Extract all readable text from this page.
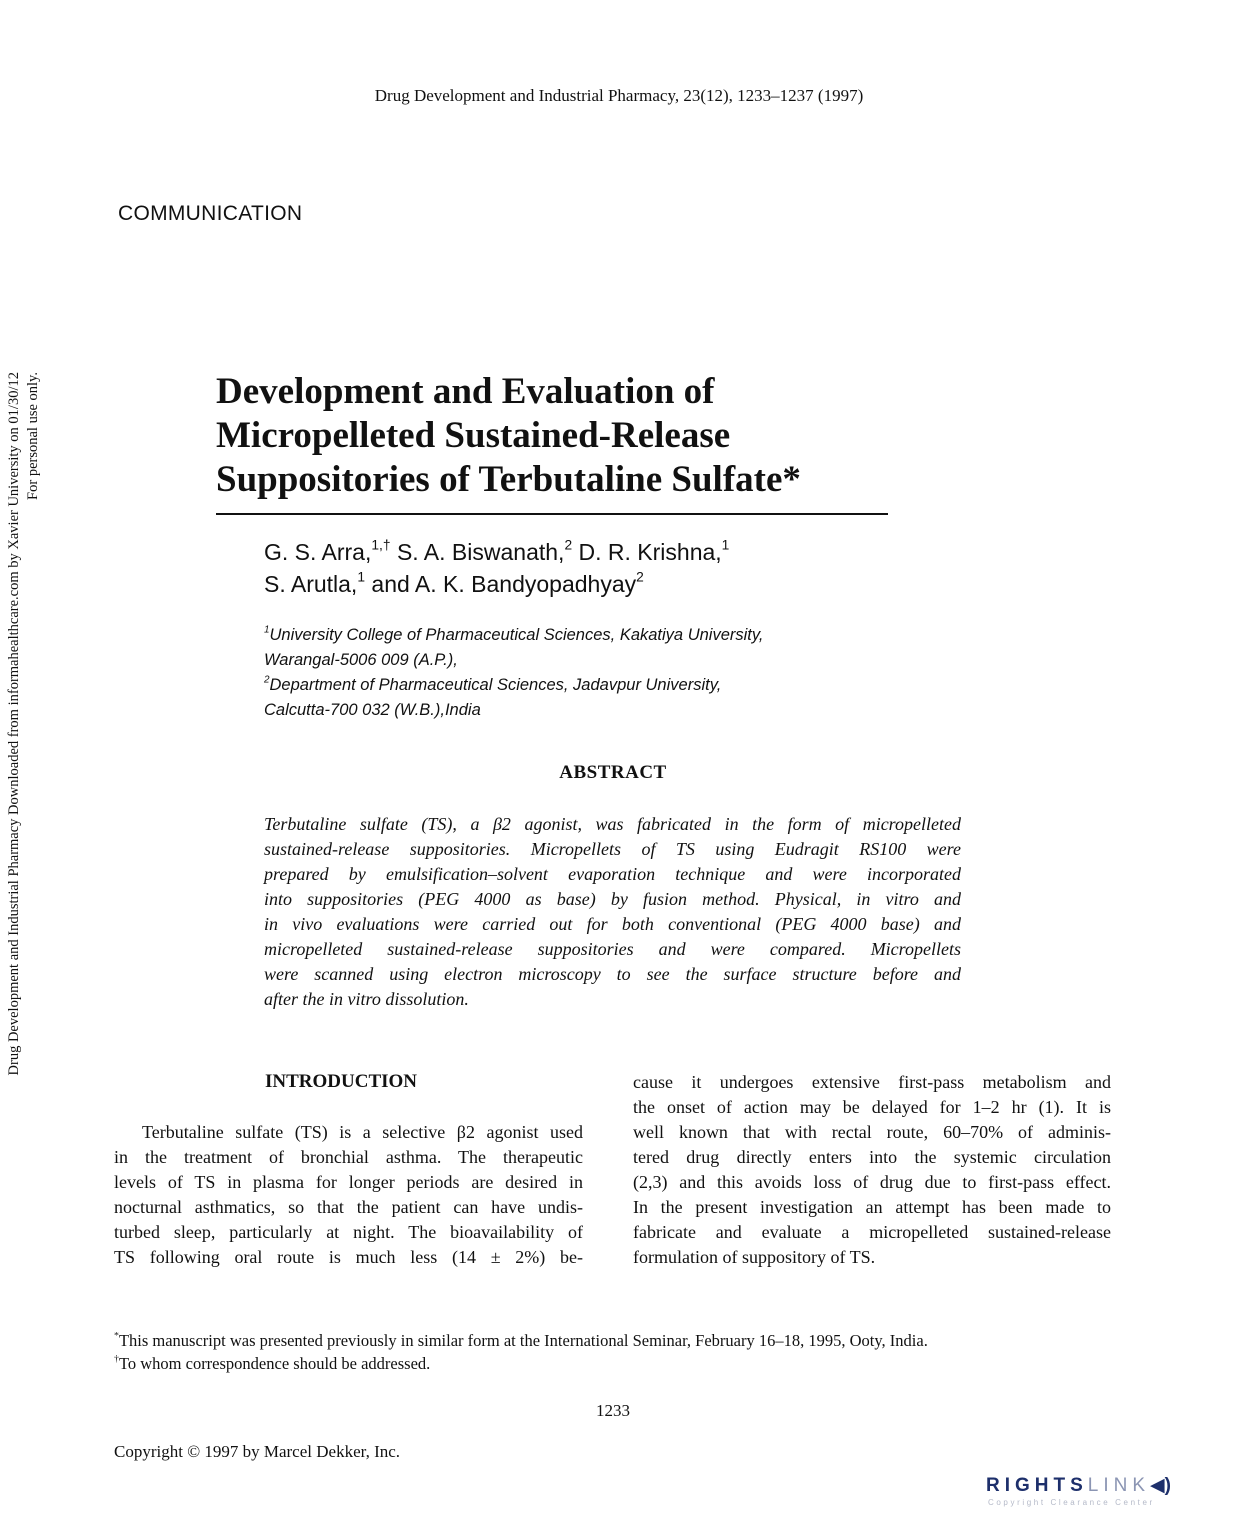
Drug Development and Industrial Pharmacy, 23(12), 1233–1237 (1997)
COMMUNICATION
Drug Development and Industrial Pharmacy Downloaded from informahealthcare.com by Xavier University on 01/30/12 For personal use only.	Development and Evaluation of
Micropelleted Sustained-Release
Suppositories of Terbutaline Sulfate*
G. S. Arra,$^{1,\dagger}$ S. A. Biswanath,$^2$ D. R. Krishna,$^1$
S. Arutla,$^1$ and A. K. Bandyopadhyay$^2$
$^1$University College of Pharmaceutical Sciences, Kakatiya University,
Warangal-5006 009 (A.P.),
$^2$Department of Pharmaceutical Sciences, Jadavpur University,
Calcutta-700 032 (W.B.),India
ABSTRACT
Terbutaline sulfate (TS), a β2 agonist, was fabricated in the form of micropelleted
sustained-release suppositories. Micropellets of TS using Eudragit RS100 were
prepared by emulsification–solvent evaporation technique and were incorporated
into suppositories (PEG 4000 as base) by fusion method. Physical, in vitro and
in vivo evaluations were carried out for both conventional (PEG 4000 base) and
micropelleted sustained-release suppositories and were compared. Micropellets
were scanned using electron microscopy to see the surface structure before and
after the in vitro dissolution.
INTRODUCTION
Terbutaline sulfate (TS) is a selective β2 agonist used
in the treatment of bronchial asthma. The therapeutic
levels of TS in plasma for longer periods are desired in
nocturnal asthmatics, so that the patient can have undis-
turbed sleep, particularly at night. The bioavailability of
TS following oral route is much less (14 ± 2%) be-
cause it undergoes extensive first-pass metabolism and
the onset of action may be delayed for 1–2 hr (1). It is
well known that with rectal route, 60–70% of adminis-
tered drug directly enters into the systemic circulation
(2,3) and this avoids loss of drug due to first-pass effect.
In the present investigation an attempt has been made to
fabricate and evaluate a micropelleted sustained-release
formulation of suppository of TS.
*This manuscript was presented previously in similar form at the International Seminar, February 16–18, 1995, Ooty, India.
†To whom correspondence should be addressed.
1233
Copyright © 1997 by Marcel Dekker, Inc.
RIGHTSLINK◀)
Copyright Clearance Center
